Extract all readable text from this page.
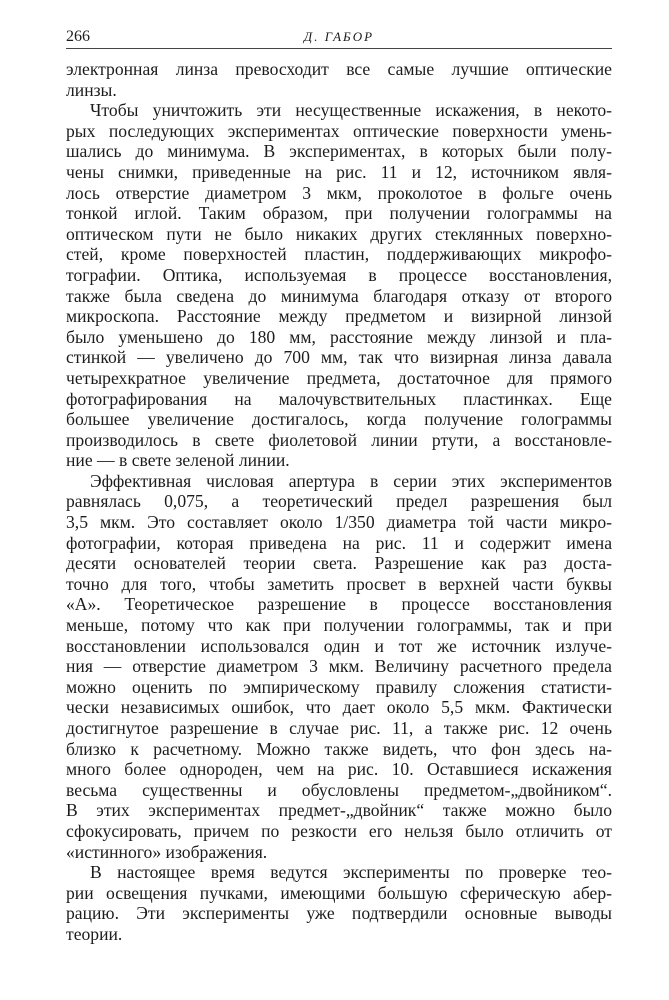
266	Д. ГАБОР

электронная линза превосходит все самые лучшие оптические
линзы.

Чтобы уничтожить эти несущественные искажения, в некото-
рых последующих экспериментах оптические поверхности умень-
шались до минимума. В экспериментах, в которых были полу-
чены снимки, приведенные на рис. 11 и 12, источником явля-
лось отверстие диаметром 3 мкм, проколотое в фольге очень
тонкой иглой. Таким образом, при получении голограммы на
оптическом пути не было никаких других стеклянных поверхно-
стей, кроме поверхностей пластин, поддерживающих микрофо-
тографии. Оптика, используемая в процессе восстановления,
также была сведена до минимума благодаря отказу от второго
микроскопа. Расстояние между предметом и визирной линзой
было уменьшено до 180 мм, расстояние между линзой и пла-
стинкой — увеличено до 700 мм, так что визирная линза давала
четырехкратное увеличение предмета, достаточное для прямого
фотографирования на малочувствительных пластинках. Еще
большее увеличение достигалось, когда получение голограммы
производилось в свете фиолетовой линии ртути, а восстановле-
ние — в свете зеленой линии.

Эффективная числовая апертура в серии этих экспериментов
равнялась 0,075, а теоретический предел разрешения был
3,5 мкм. Это составляет около 1/350 диаметра той части микро-
фотографии, которая приведена на рис. 11 и содержит имена
десяти основателей теории света. Разрешение как раз доста-
точно для того, чтобы заметить просвет в верхней части буквы
«А». Теоретическое разрешение в процессе восстановления
меньше, потому что как при получении голограммы, так и при
восстановлении использовался один и тот же источник излуче-
ния — отверстие диаметром 3 мкм. Величину расчетного предела
можно оценить по эмпирическому правилу сложения статисти-
чески независимых ошибок, что дает около 5,5 мкм. Фактически
достигнутое разрешение в случае рис. 11, а также рис. 12 очень
близко к расчетному. Можно также видеть, что фон здесь на-
много более однороден, чем на рис. 10. Оставшиеся искажения
весьма существенны и обусловлены предметом-„двойником“.
В этих экспериментах предмет-„двойник“ также можно было
сфокусировать, причем по резкости его нельзя было отличить от
«истинного» изображения.

В настоящее время ведутся эксперименты по проверке тео-
рии освещения пучками, имеющими большую сферическую абер-
рацию. Эти эксперименты уже подтвердили основные выводы
теории.
